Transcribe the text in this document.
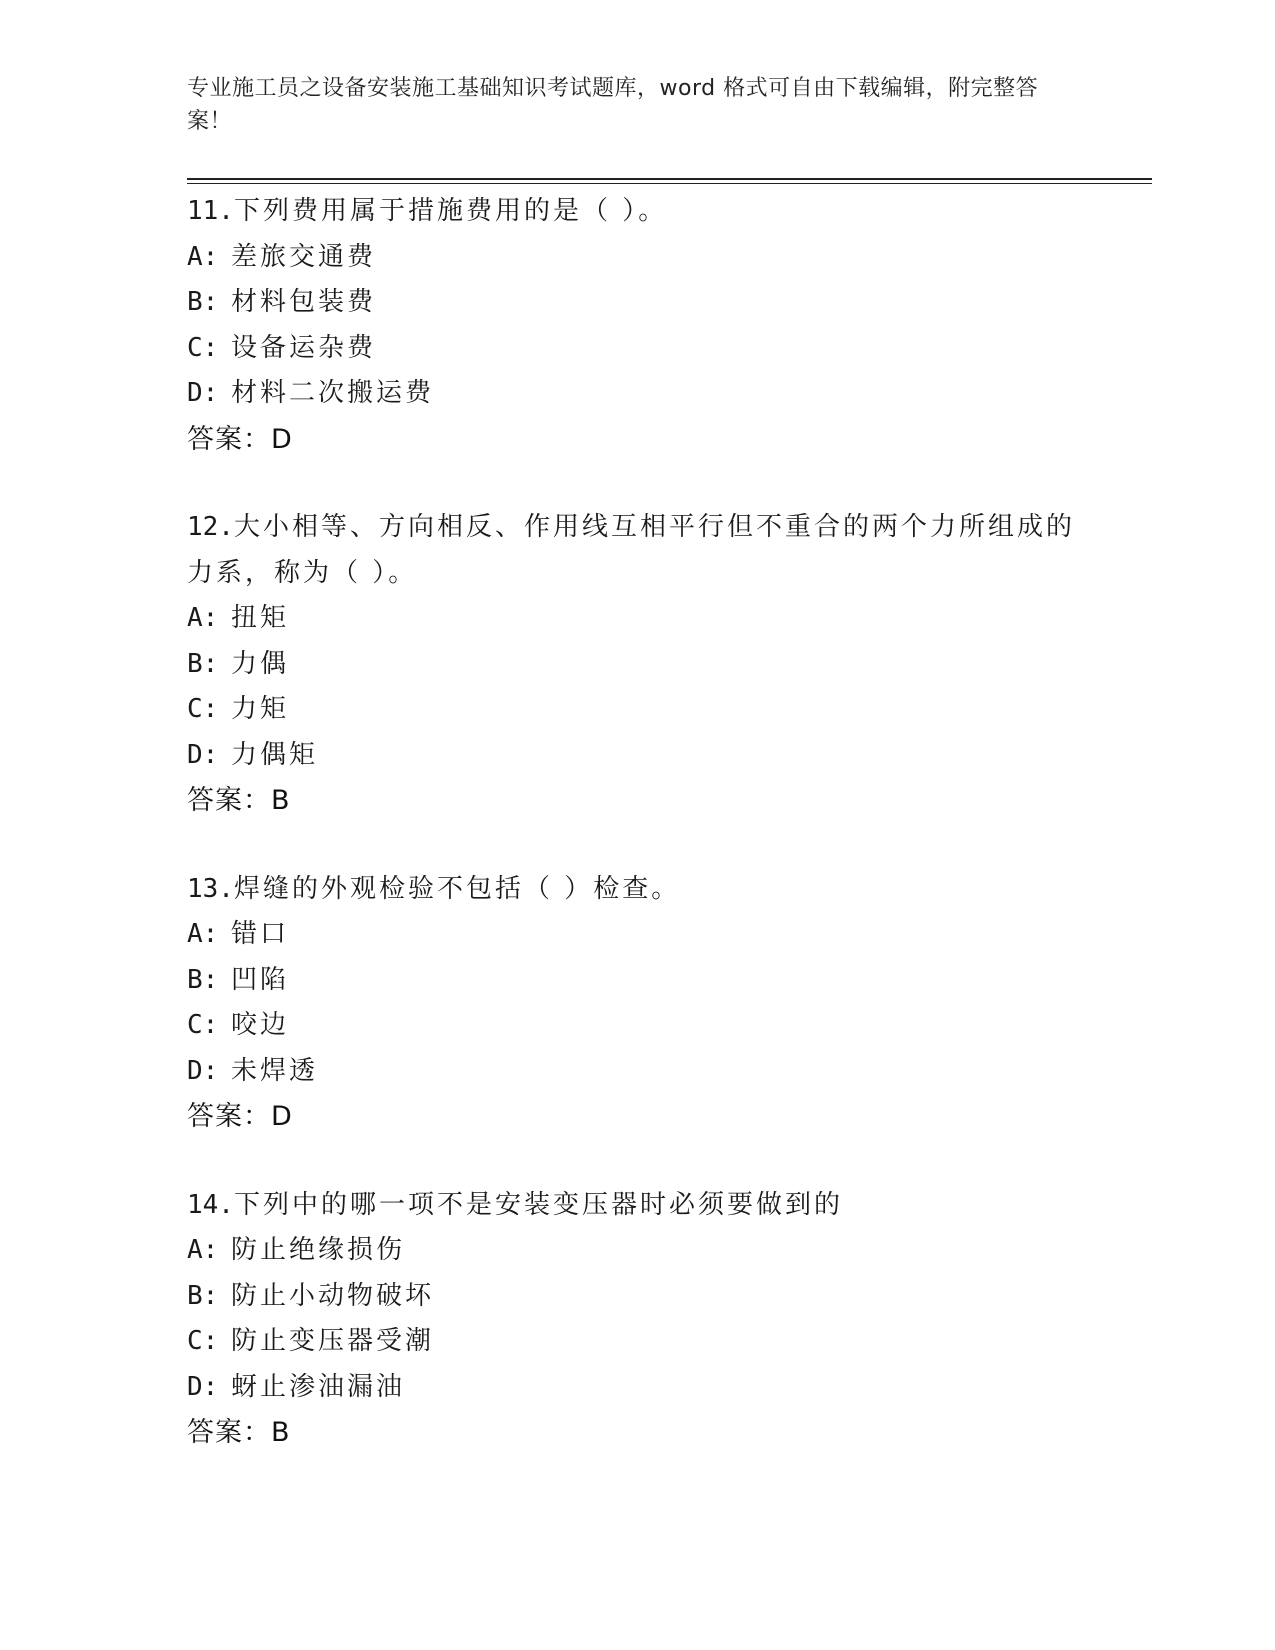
专业施工员之设备安装施工基础知识考试题库，word 格式可自由下载编辑，附完整答案！
11.下列费用属于措施费用的是（ ）。
A: 差旅交通费
B: 材料包装费
C: 设备运杂费
D: 材料二次搬运费
答案：D
12.大小相等、方向相反、作用线互相平行但不重合的两个力所组成的力系，称为（ ）。
A: 扭矩
B: 力偶
C: 力矩
D: 力偶矩
答案：B
13.焊缝的外观检验不包括（ ）检查。
A: 错口
B: 凹陷
C: 咬边
D: 未焊透
答案：D
14.下列中的哪一项不是安装变压器时必须要做到的
A: 防止绝缘损伤
B: 防止小动物破坏
C: 防止变压器受潮
D: 蚜止渗油漏油
答案：B
